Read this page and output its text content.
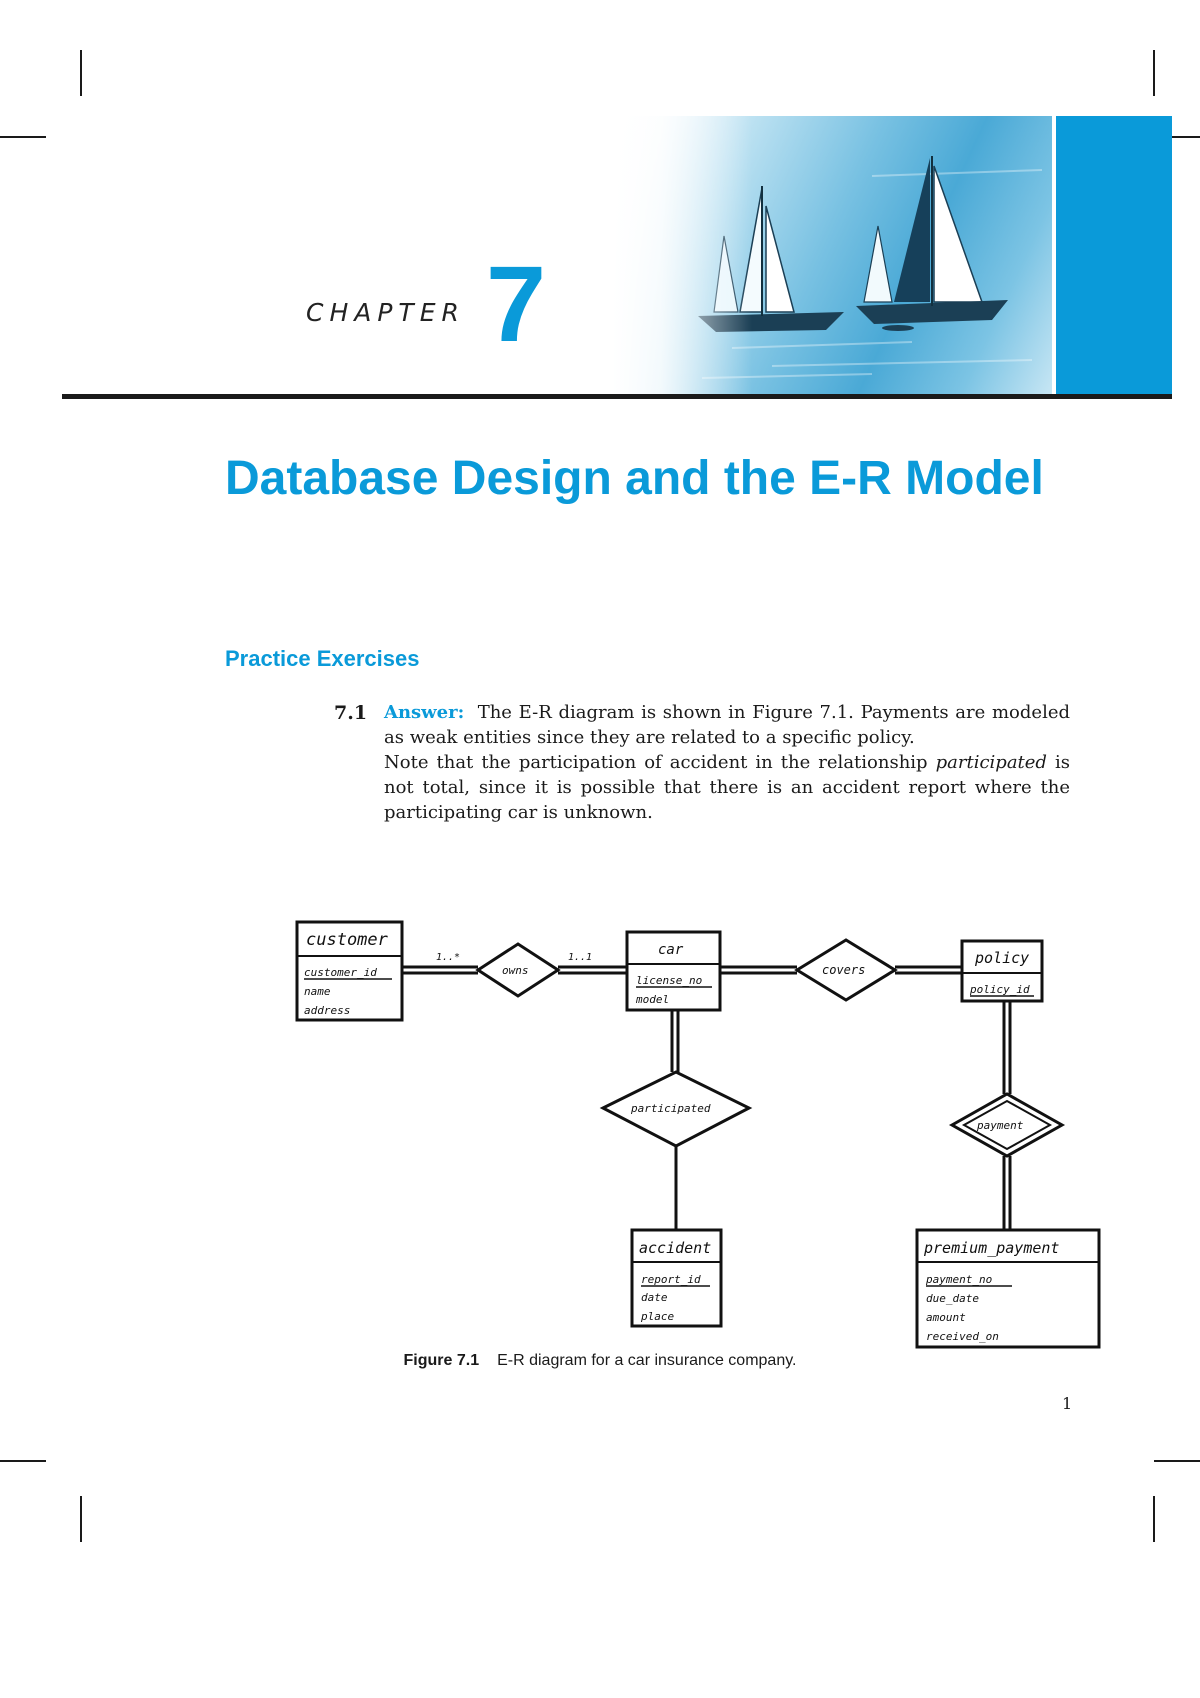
CHAPTER 7
Database Design and the E-R Model
Practice Exercises
7.1 Answer: The E-R diagram is shown in Figure 7.1. Payments are modeled as weak entities since they are related to a specific policy.
Note that the participation of accident in the relationship participated is not total, since it is possible that there is an accident report where the participating car is unknown.

customer
customer_id
name
address
car
license_no
model
policy
policy_id
accident
report_id
date
place
premium_payment
payment_no
due_date
amount
received_on
owns	covers
participated
payment
1..*	1..1
Figure 7.1 E-R diagram for a car insurance company.
1
